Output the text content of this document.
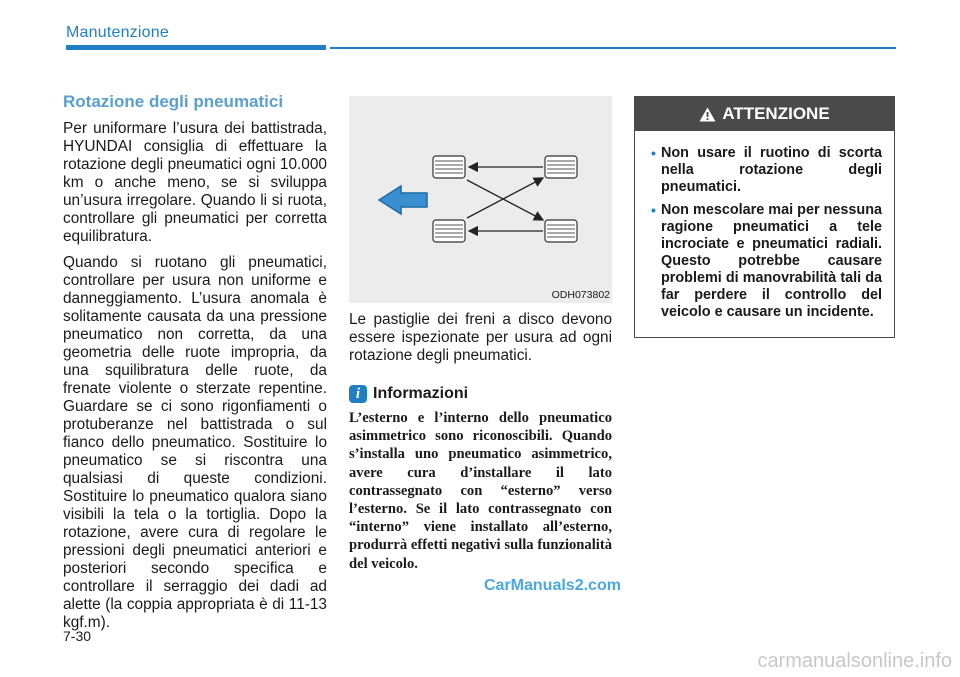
Manutenzione
Rotazione degli pneumatici

Per uniformare l’usura dei battistrada, HYUNDAI consiglia di effettuare la rotazione degli pneumatici ogni 10.000 km o anche meno, se si sviluppa un’usura irregolare. Quando li si ruota, controllare gli pneumatici per corretta equilibratura.

Quando si ruotano gli pneumatici, controllare per usura non uniforme e danneggiamento. L’usura anomala è solitamente causata da una pressione pneumatico non corretta, da una geometria delle ruote impropria, da una squilibratura delle ruote, da frenate violente o sterzate repentine. Guardare se ci sono rigonfiamenti o protuberanze nel battistrada o sul fianco dello pneumatico. Sostituire lo pneumatico se si riscontra una qualsiasi di queste condizioni. Sostituire lo pneumatico qualora siano visibili la tela o la tortiglia. Dopo la rotazione, avere cura di regolare le pressioni degli pneumatici anteriori e posteriori secondo specifica e controllare il serraggio dei dadi ad alette (la coppia appropriata è di 11-13 kgf.m).

ODH073802

Le pastiglie dei freni a disco devono essere ispezionate per usura ad ogni rotazione degli pneumatici.

i Informazioni
L’esterno e l’interno dello pneumatico asimmetrico sono riconoscibili. Quando s’installa uno pneumatico asimmetrico, avere cura d’installare il lato contrassegnato con “esterno” verso l’esterno. Se il lato contrassegnato con “interno” viene installato all’esterno, produrrà effetti negativi sulla funzionalità del veicolo.
ATTENZIONE
• Non usare il ruotino di scorta nella rotazione degli pneumatici.
• Non mescolare mai per nessuna ragione pneumatici a tele incrociate e pneumatici radiali. Questo potrebbe causare problemi di manovrabilità tali da far perdere il controllo del veicolo e causare un incidente.
CarManuals2.com
7-30
carmanualsonline.info
